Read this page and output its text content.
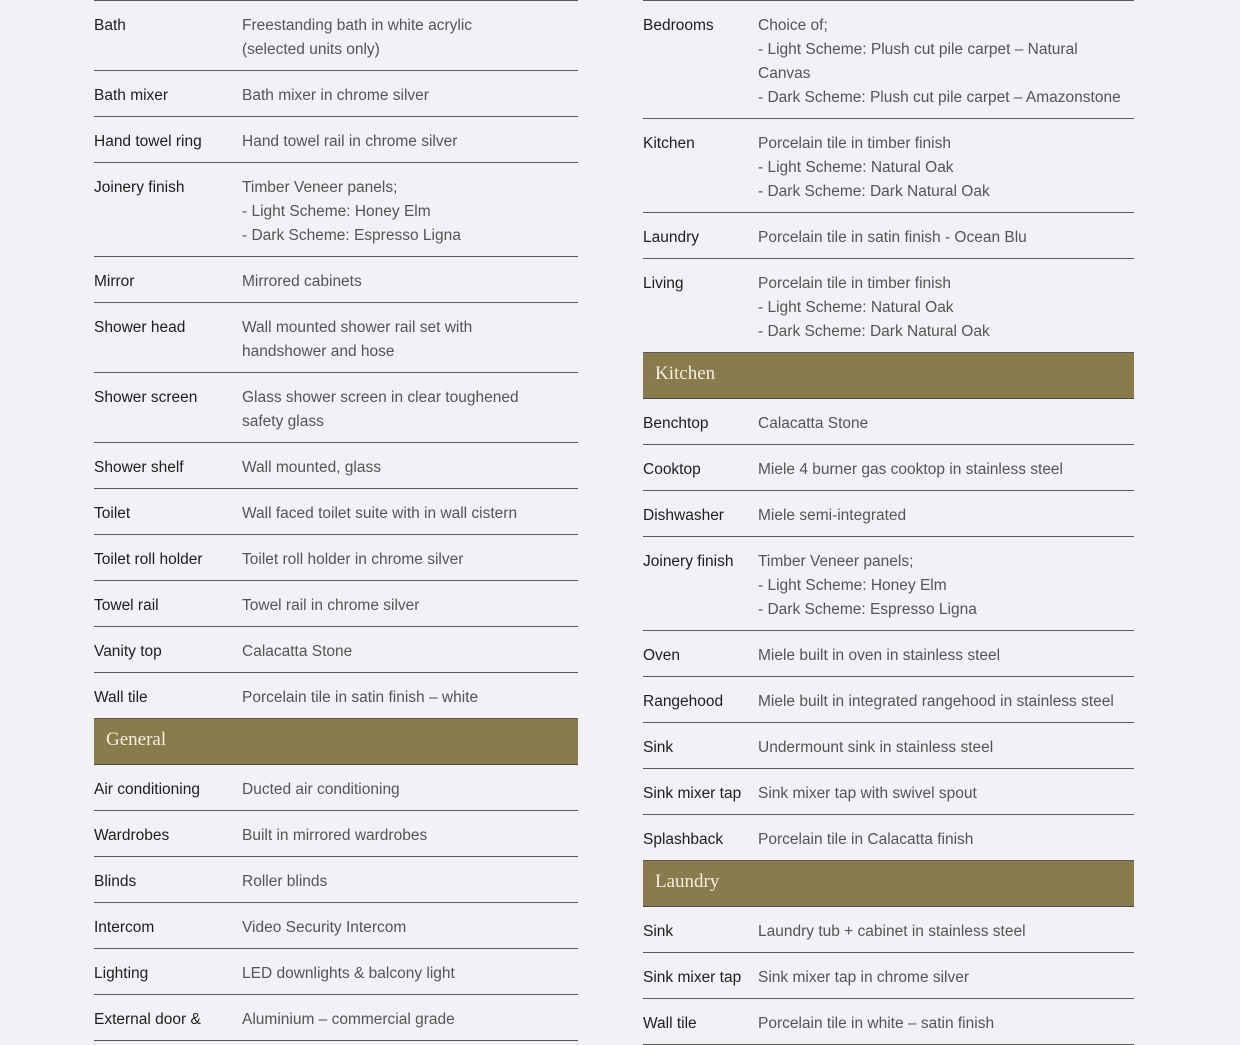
Bath	Freestanding bath in white acrylic
(selected units only)
Bath mixer	Bath mixer in chrome silver
Hand towel ring	Hand towel rail in chrome silver
Joinery finish	Timber Veneer panels;
- Light Scheme: Honey Elm
- Dark Scheme: Espresso Ligna
Mirror	Mirrored cabinets
Shower head	Wall mounted shower rail set with
handshower and hose
Shower screen	Glass shower screen in clear toughened
safety glass
Shower shelf	Wall mounted, glass
Toilet	Wall faced toilet suite with in wall cistern
Toilet roll holder	Toilet roll holder in chrome silver
Towel rail	Towel rail in chrome silver
Vanity top	Calacatta Stone
Wall tile	Porcelain tile in satin finish – white
General
Air conditioning	Ducted air conditioning
Wardrobes	Built in mirrored wardrobes
Blinds	Roller blinds
Intercom	Video Security Intercom
Lighting	LED downlights & balcony light
External door &	Aluminium – commercial grade
Bedrooms	Choice of;
- Light Scheme: Plush cut pile carpet – Natural Canvas
- Dark Scheme: Plush cut pile carpet – Amazonstone
Kitchen	Porcelain tile in timber finish
- Light Scheme: Natural Oak
- Dark Scheme: Dark Natural Oak
Laundry	Porcelain tile in satin finish - Ocean Blu
Living	Porcelain tile in timber finish
- Light Scheme: Natural Oak
- Dark Scheme: Dark Natural Oak
Kitchen
Benchtop	Calacatta Stone
Cooktop	Miele 4 burner gas cooktop in stainless steel
Dishwasher	Miele semi-integrated
Joinery finish	Timber Veneer panels;
- Light Scheme: Honey Elm
- Dark Scheme: Espresso Ligna
Oven	Miele built in oven in stainless steel
Rangehood	Miele built in integrated rangehood in stainless steel
Sink	Undermount sink in stainless steel
Sink mixer tap	Sink mixer tap with swivel spout
Splashback	Porcelain tile in Calacatta finish
Laundry
Sink	Laundry tub + cabinet in stainless steel
Sink mixer tap	Sink mixer tap in chrome silver
Wall tile	Porcelain tile in white – satin finish
